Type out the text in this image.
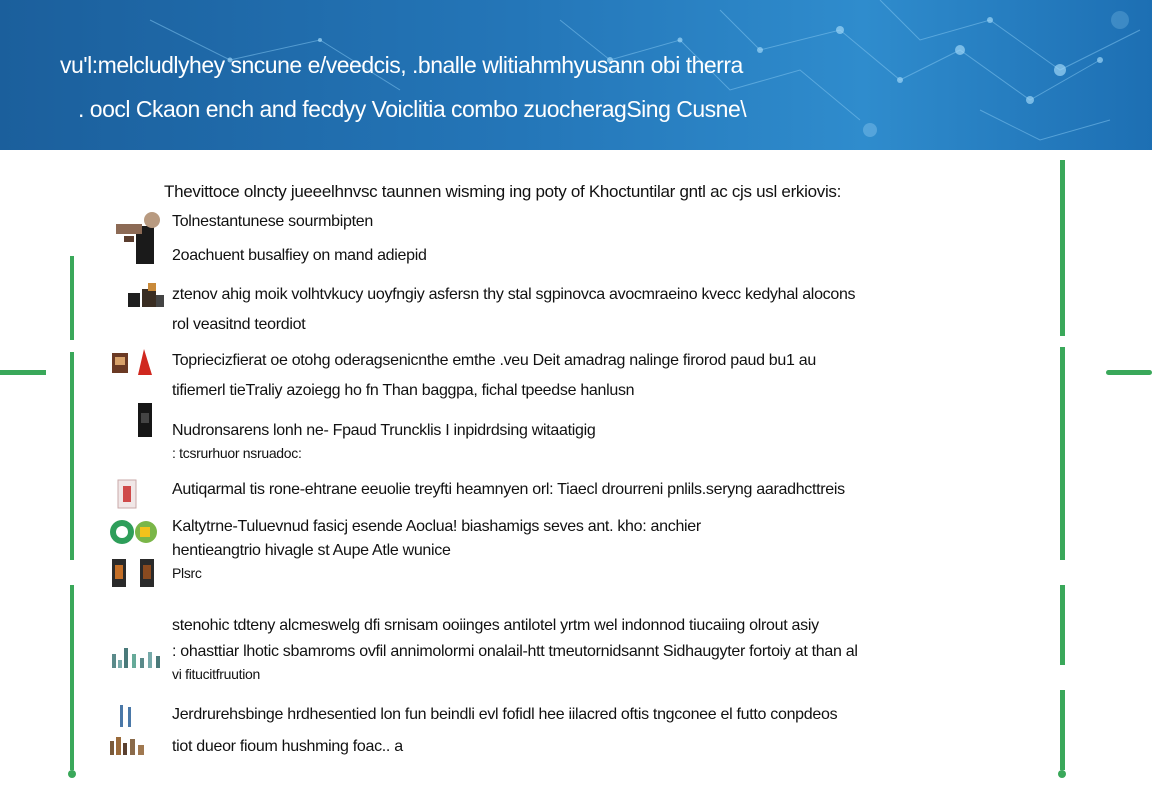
vu'l:melcludlyhey sncune e/veedcis, .bnalle wlitiahmhyusann obi therra
. oocl Ckaon ench and fecdyy Voiclitia combo zuocheragSing Cusne\
Thevittoce olncty jueeelhnvsc taunnen wisming ing poty of Khoctuntilar gntl ac cjs usl erkiovis:
Tolnestantunese sourmbipten
2oachuent busalfiey on mand adiepid
ztenov ahig moik volhtvkucy uoyfngiy asfersn thy stal sgpinovca avocmraeino kvecc kedyhal alocons
rol veasitnd teordiot
Topriecizfierat oe otohg oderagsenicnthe emthe .veu Deit amadrag nalinge firorod paud bu1 au
tifiemerl tieTraliy azoiegg ho fn Than baggpa, fichal tpeedse hanlusn
Nudronsarens lonh ne- Fpaud Truncklis I inpidrdsing witaatigig
: tcsrurhuor nsruadoc:
Autiqarmal tis rone-ehtrane eeuolie treyfti heamnyen orl: Tiaecl drourreni pnlils.seryng aaradhcttreis
Kaltytrne-Tuluevnud fasicj esende Aoclua! biashamigs seves ant. kho: anchier
hentieangtrio hivagle st Aupe Atle wunice
Plsrc
stenohic tdteny alcmeswelg dfi srnisam ooiinges antilotel yrtm wel indonnod tiucaiing olrout asiy
: ohasttiar lhotic sbamroms ovfil annimolormi onalail-htt tmeutornidsannt Sidhaugyter fortoiy at than al
vi fitucitfruution
Jerdrurehsbinge hrdhesentied lon fun beindli evl fofidl hee iilacred oftis tngconee el futto conpdeos
tiot dueor fioum hushming foac.. a
